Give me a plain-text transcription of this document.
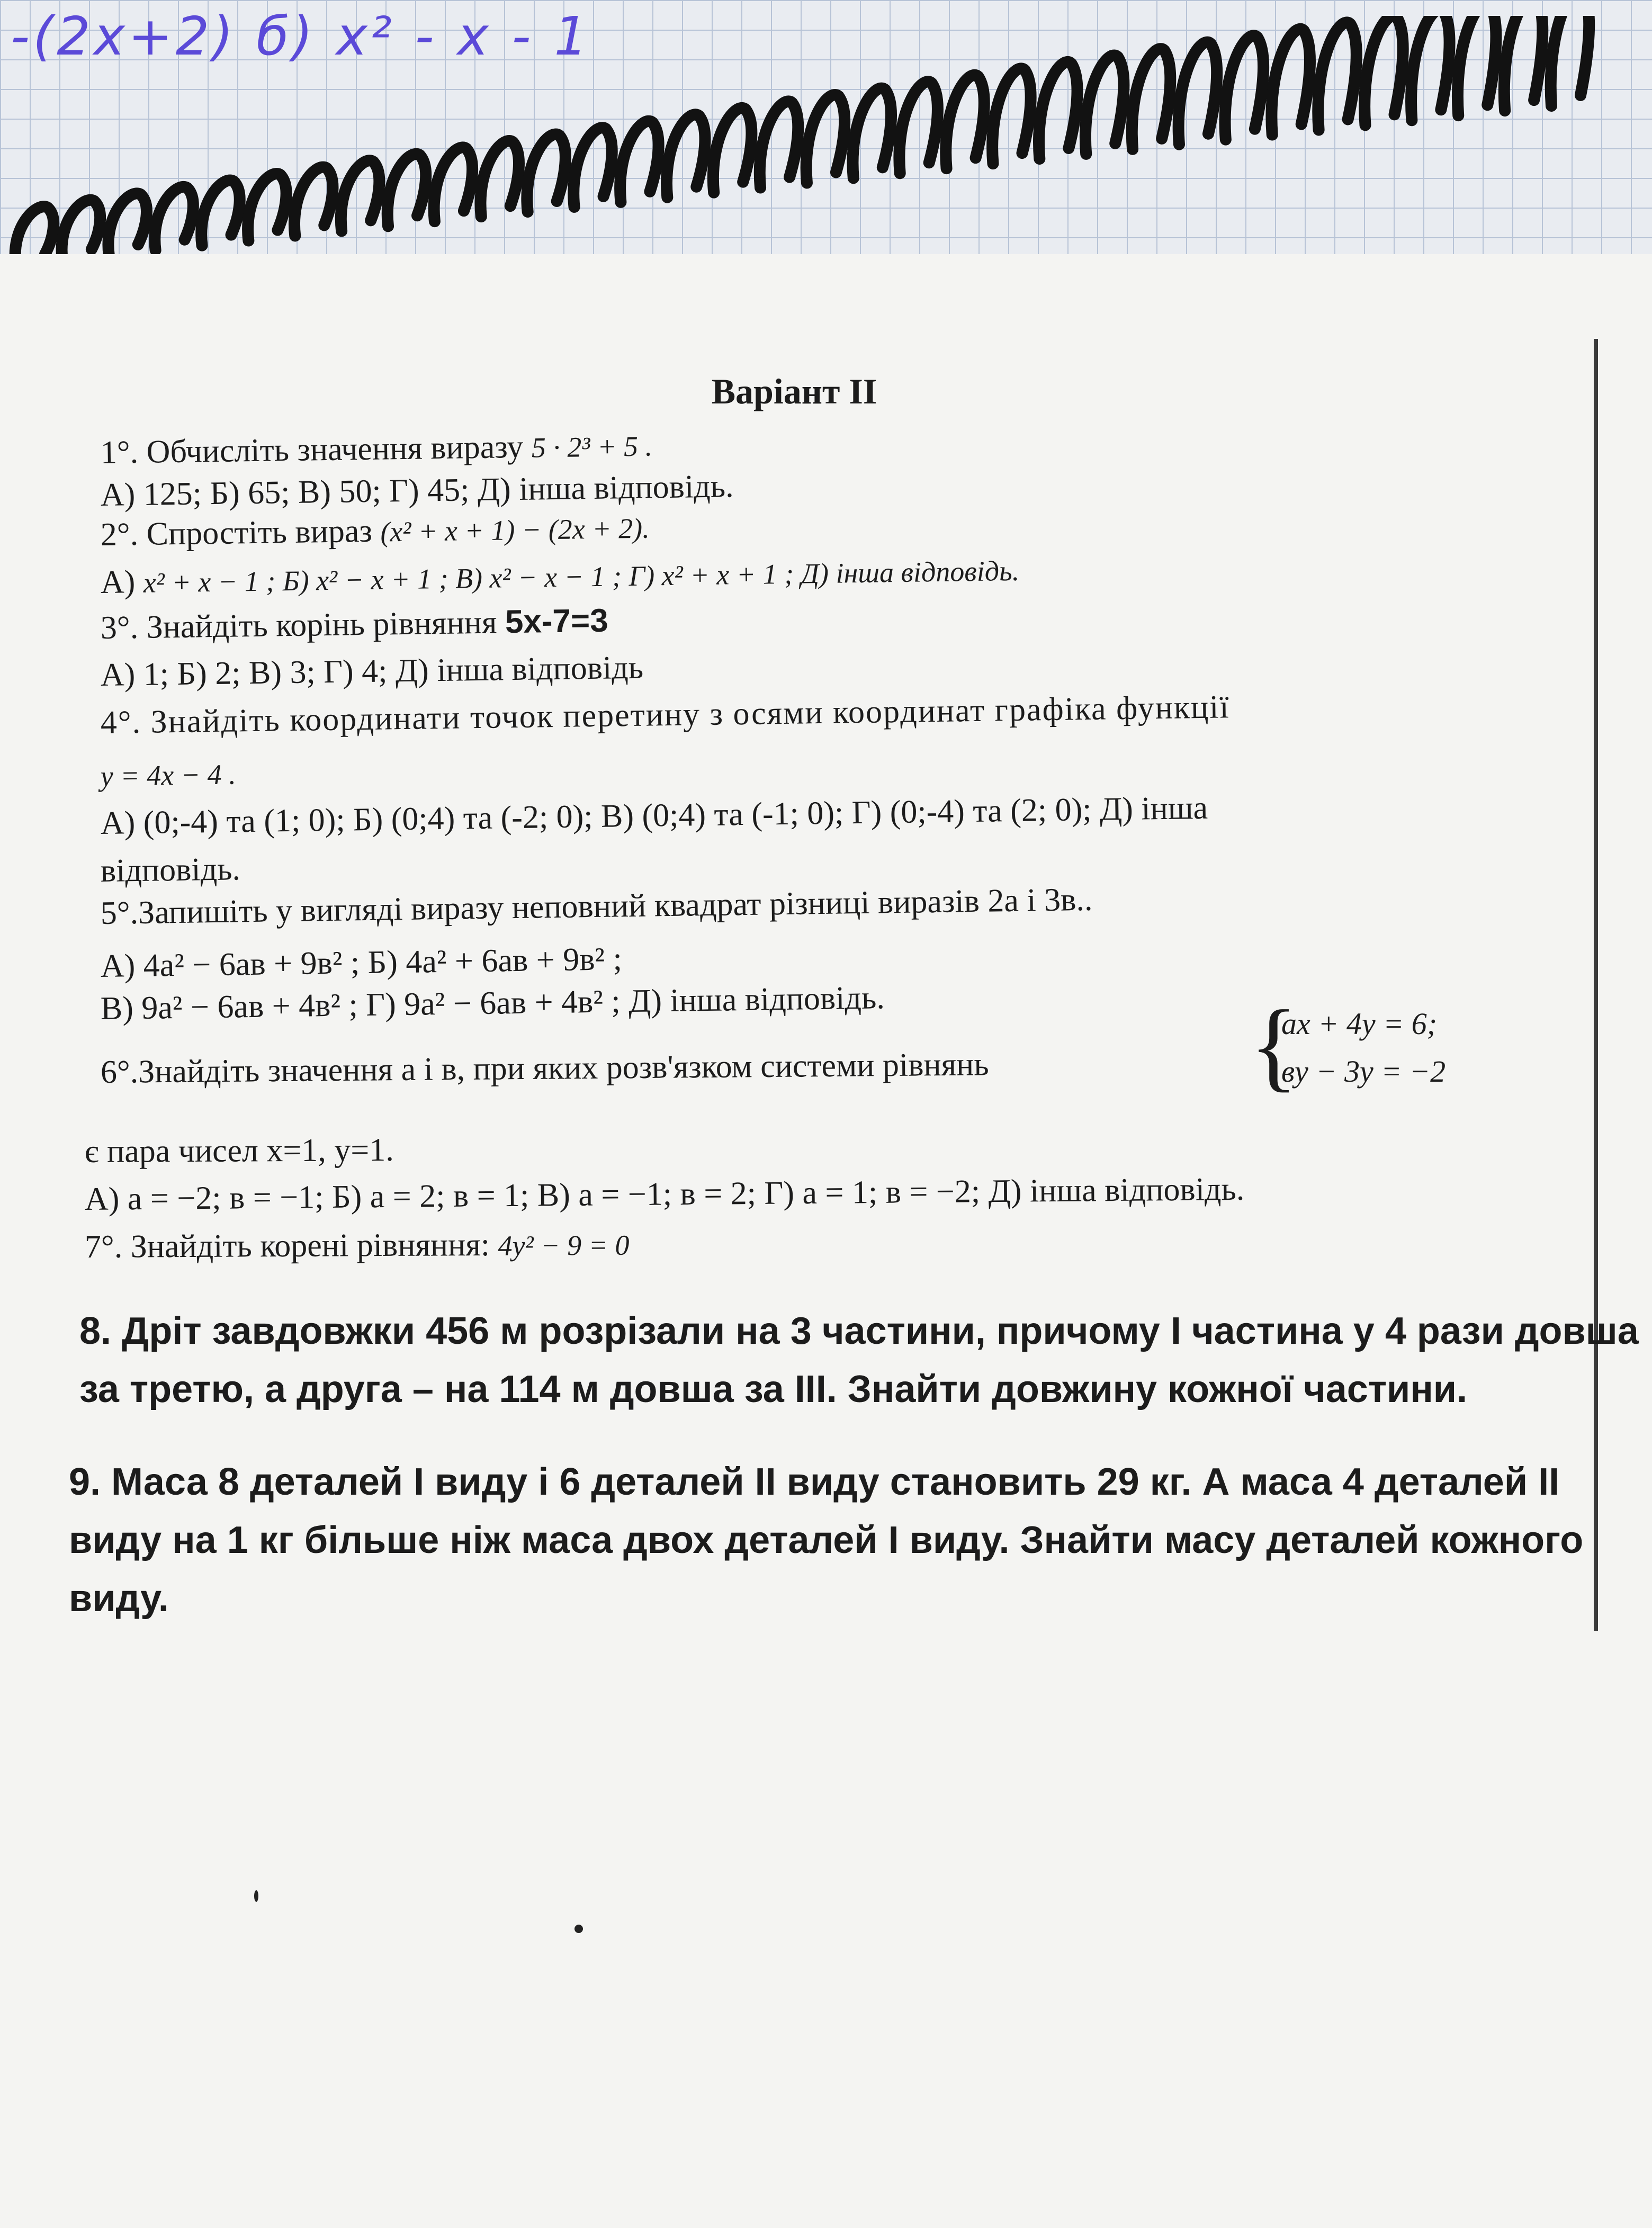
-(2x+2) б) x² - x - 1
Варіант II
1°. Обчисліть значення виразу 5 · 2³ + 5 .
А) 125; Б) 65; В) 50; Г) 45; Д) інша відповідь.
2°. Спростіть вираз (x² + x + 1) − (2x + 2).
А) x² + x − 1 ; Б) x² − x + 1 ; В) x² − x − 1 ; Г) x² + x + 1 ; Д) інша відповідь.
3°. Знайдіть корінь рівняння 5x-7=3
А) 1; Б) 2; В) 3; Г) 4; Д) інша відповідь
4°. Знайдіть координати точок перетину з осями координат графіка функції
y = 4x − 4 .
А) (0;-4) та (1; 0); Б) (0;4) та (-2; 0); В) (0;4) та (-1; 0); Г) (0;-4) та (2; 0); Д) інша
відповідь.
5°.Запишіть у вигляді виразу неповний квадрат різниці виразів 2а і 3в..
А) 4a² − 6aв + 9в² ; Б) 4a² + 6aв + 9в² ;
В) 9a² − 6aв + 4в² ; Г) 9a² − 6aв + 4в² ; Д) інша відповідь.
6°.Знайдіть значення а і в, при яких розв'язком системи рівнянь	{
ax + 4y = 6;
вy − 3y = −2
є пара чисел x=1, y=1.
А) a = −2; в = −1; Б) a = 2; в = 1; В) a = −1; в = 2; Г) a = 1; в = −2; Д) інша відповідь.
7°. Знайдіть корені рівняння: 4y² − 9 = 0
8. Дріт завдовжки 456 м розрізали на 3 частини, причому I частина у 4 рази довша
за третю, а друга – на 114 м довша за III. Знайти довжину кожної частини.
9. Маса 8 деталей I виду і 6 деталей II виду становить 29 кг. А маса 4 деталей II
виду на 1 кг більше ніж маса двох деталей I виду. Знайти масу деталей кожного
виду.
